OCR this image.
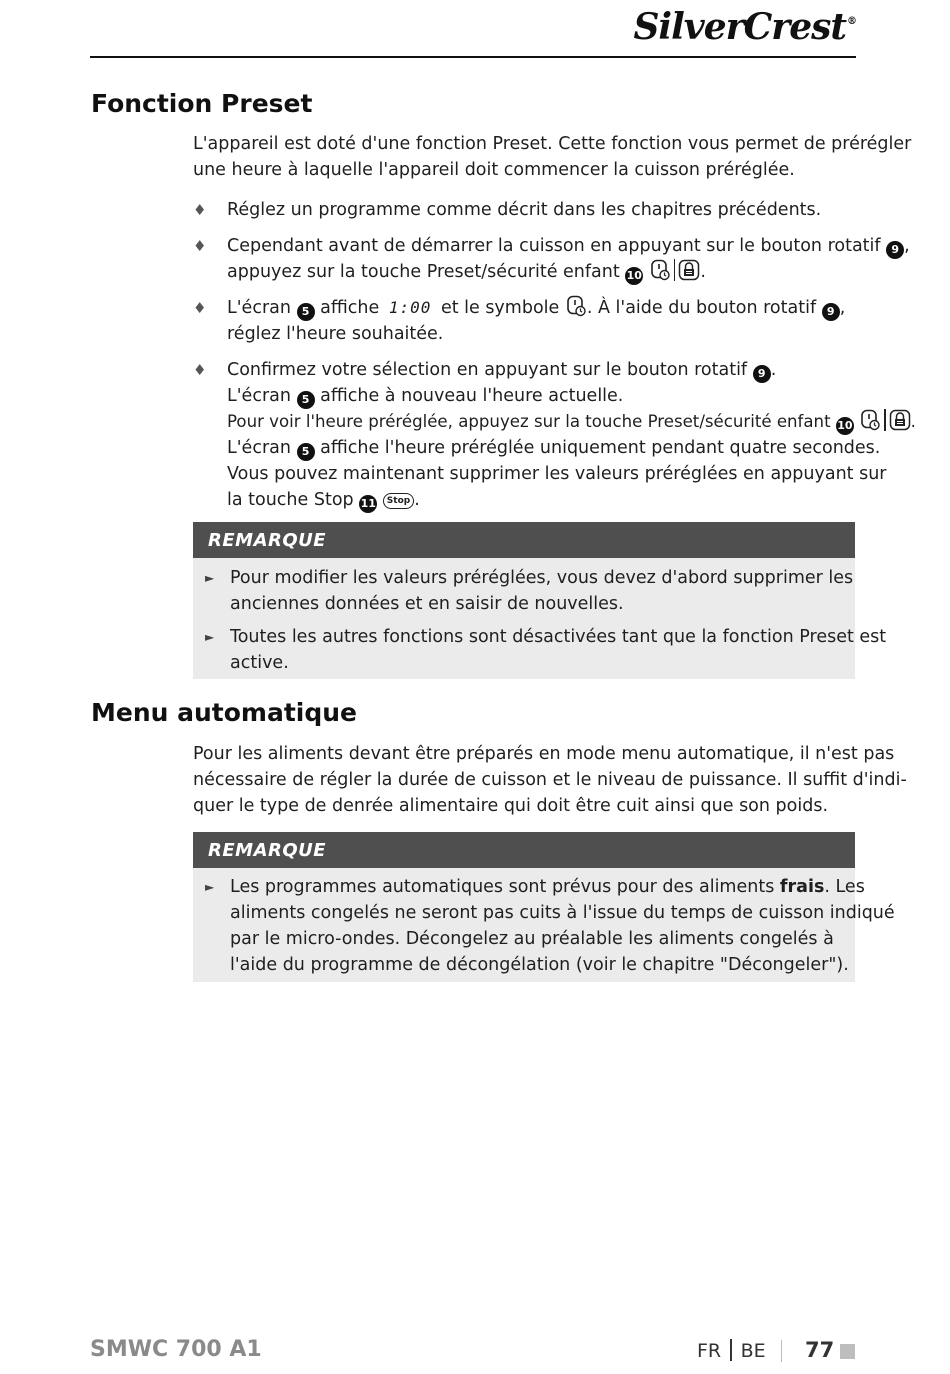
SilverCrest®
Fonction Preset
L'appareil est doté d'une fonction Preset. Cette fonction vous permet de prérégler
une heure à laquelle l'appareil doit commencer la cuisson préréglée.
♦	Réglez un programme comme décrit dans les chapitres précédents.
♦	Cependant avant de démarrer la cuisson en appuyant sur le bouton rotatif 9 ,
appuyez sur la touche Preset/sécurité enfant 10	.
♦	L'écran 5 affiche 1:00 et le symbole . À l'aide du bouton rotatif 9 ,
réglez l'heure souhaitée.
♦	Confirmez votre sélection en appuyant sur le bouton rotatif 9 .
L'écran 5 affiche à nouveau l'heure actuelle.
Pour voir l'heure préréglée, appuyez sur la touche Preset/sécurité enfant 10	.
L'écran 5 affiche l'heure préréglée uniquement pendant quatre secondes.
Vous pouvez maintenant supprimer les valeurs préréglées en appuyant sur
la touche Stop 11 Stop .
REMARQUE
► Pour modifier les valeurs préréglées, vous devez d'abord supprimer les
anciennes données et en saisir de nouvelles.
► Toutes les autres fonctions sont désactivées tant que la fonction Preset est
active.
Menu automatique
Pour les aliments devant être préparés en mode menu automatique, il n'est pas
nécessaire de régler la durée de cuisson et le niveau de puissance. Il suffit d'indi-
quer le type de denrée alimentaire qui doit être cuit ainsi que son poids.
REMARQUE
► Les programmes automatiques sont prévus pour des aliments frais. Les
aliments congelés ne seront pas cuits à l'issue du temps de cuisson indiqué
par le micro-ondes. Décongelez au préalable les aliments congelés à
l'aide du programme de décongélation (voir le chapitre "Décongeler").
SMWC 700 A1	FR BE 77
